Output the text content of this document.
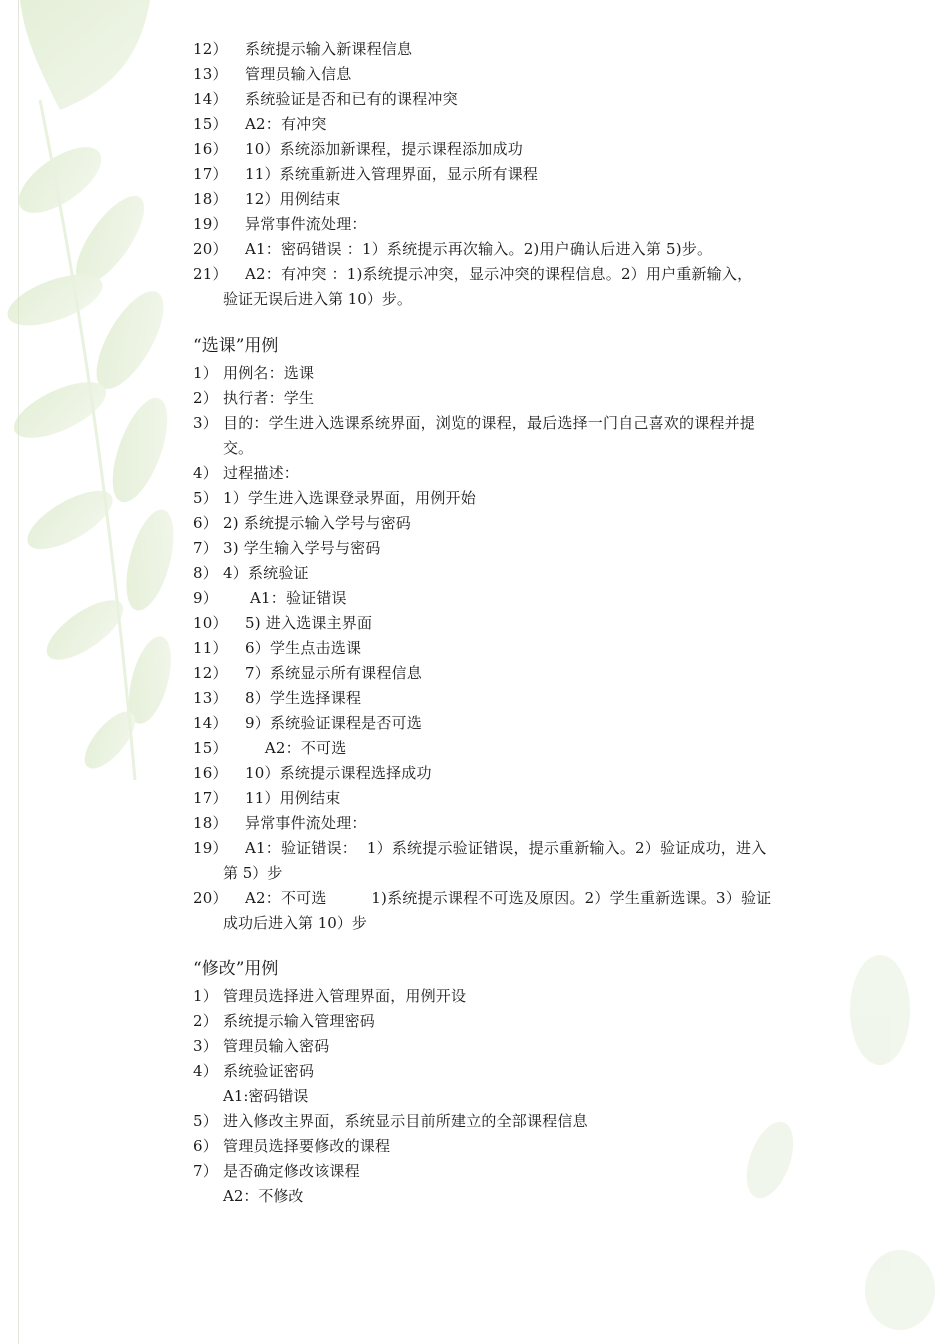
12） 系统提示输入新课程信息
13） 管理员输入信息
14） 系统验证是否和已有的课程冲突
15） A2：有冲突
16） 10）系统添加新课程，提示课程添加成功
17） 11）系统重新进入管理界面，显示所有课程
18） 12）用例结束
19） 异常事件流处理：
20） A1：密码错误 ：1）系统提示再次输入。2)用户确认后进入第 5)步。
21） A2：有冲突 ：1)系统提示冲突，显示冲突的课程信息。2）用户重新输入，
验证无误后进入第 10）步。
“选课”用例
1） 用例名：选课
2） 执行者：学生
3） 目的：学生进入选课系统界面，浏览的课程，最后选择一门自己喜欢的课程并提
交。
4） 过程描述：
5） 1）学生进入选课登录界面，用例开始
6） 2) 系统提示输入学号与密码
7） 3) 学生输入学号与密码
8） 4）系统验证
9） A1：验证错误
10） 5) 进入选课主界面
11） 6）学生点击选课
12） 7）系统显示所有课程信息
13） 8）学生选择课程
14） 9）系统验证课程是否可选
15）    A2：不可选
16） 10）系统提示课程选择成功
17） 11）用例结束
18） 异常事件流处理：
19） A1：验证错误：  1）系统提示验证错误，提示重新输入。2）验证成功，进入
第 5）步
20） A2：不可选         1)系统提示课程不可选及原因。2）学生重新选课。3）验证
成功后进入第 10）步
“修改”用例
1） 管理员选择进入管理界面，用例开设
2） 系统提示输入管理密码
3） 管理员输入密码
4） 系统验证密码
A1:密码错误
5） 进入修改主界面，系统显示目前所建立的全部课程信息
6） 管理员选择要修改的课程
7） 是否确定修改该课程
A2：不修改
